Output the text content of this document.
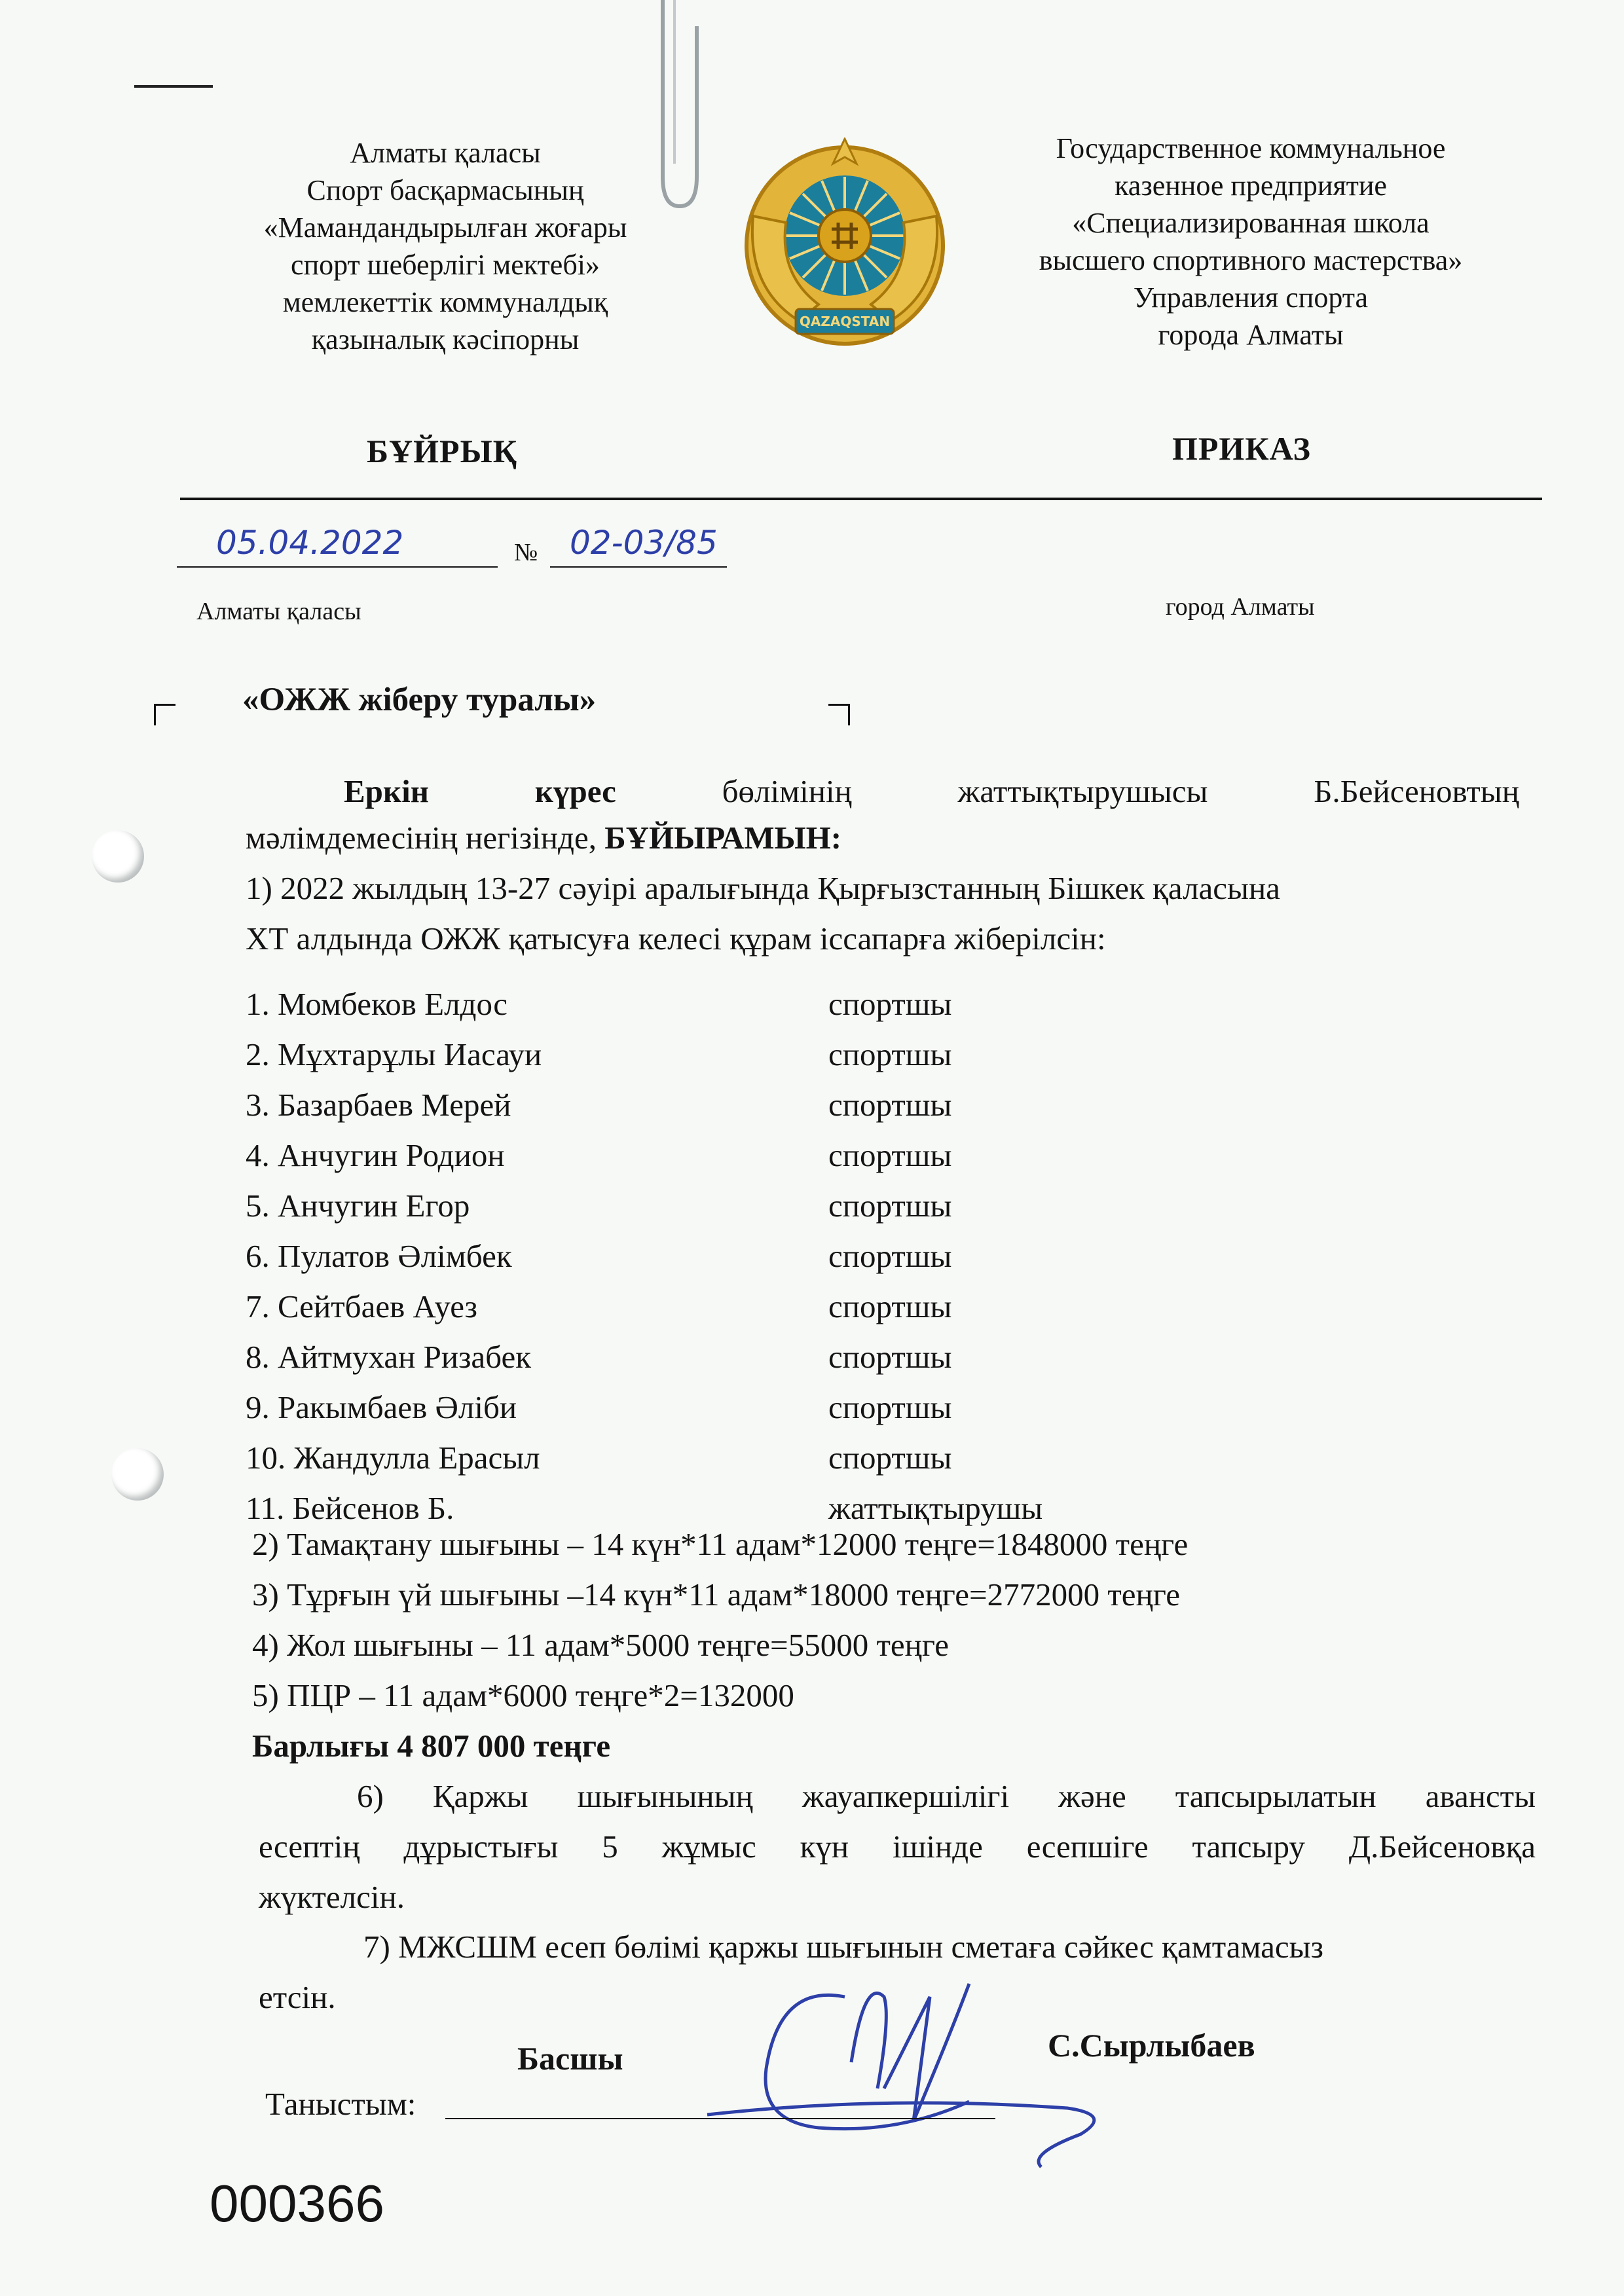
Алматы қаласы
Спорт басқармасының
«Мамандандырылған жоғары
спорт шеберлігі мектебі»
мемлекеттік коммуналдық
қазыналық кәсіпорны
QAZAQSTAN
Государственное коммунальное
казенное предприятие
«Специализированная школа
высшего спортивного мастерства»
Управления спорта
города Алматы
БҰЙРЫҚ	ПРИКАЗ
05.04.2022	№ 02-03/85
Алматы қаласы	город Алматы
«ОЖЖ жіберу туралы»
Еркін	күрес	бөлімінің	жаттықтырушысы	Б.Бейсеновтың
мәлімдемесінің негізінде, БҰЙЫРАМЫН:
1) 2022 жылдың 13-27 сәуірі аралығында Қырғызстанның Бішкек қаласына
ХТ алдында ОЖЖ қатысуға келесі құрам іссапарға жіберілсін:
1. Момбеков Елдос	спортшы
2. Мұхтарұлы Иасауи	спортшы
3. Базарбаев Мерей	спортшы
4. Анчугин Родион	спортшы
5. Анчугин Егор	спортшы
6. Пулатов Әлімбек	спортшы
7. Сейтбаев Ауез	спортшы
8. Айтмухан Ризабек	спортшы
9. Ракымбаев Әліби	спортшы
10. Жандулла Ерасыл	спортшы
11. Бейсенов Б.	жаттықтырушы
2) Тамақтану шығыны – 14 күн*11 адам*12000 теңге=1848000 теңге
3) Тұрғын үй шығыны –14 күн*11 адам*18000 теңге=2772000 теңге
4) Жол шығыны – 11 адам*5000 теңге=55000 теңге
5) ПЦР – 11 адам*6000 теңге*2=132000
Барлығы 4 807 000 теңге
6) Қаржы шығынының жауапкершілігі және тапсырылатын авансты
есептің дұрыстығы 5 жұмыс күн ішінде есепшіге тапсыру Д.Бейсеновқа
жүктелсін.
7) МЖСШМ есеп бөлімі қаржы шығынын сметаға сәйкес қамтамасыз
етсін.
Басшы	С.Сырлыбаев
Таныстым:
000366
